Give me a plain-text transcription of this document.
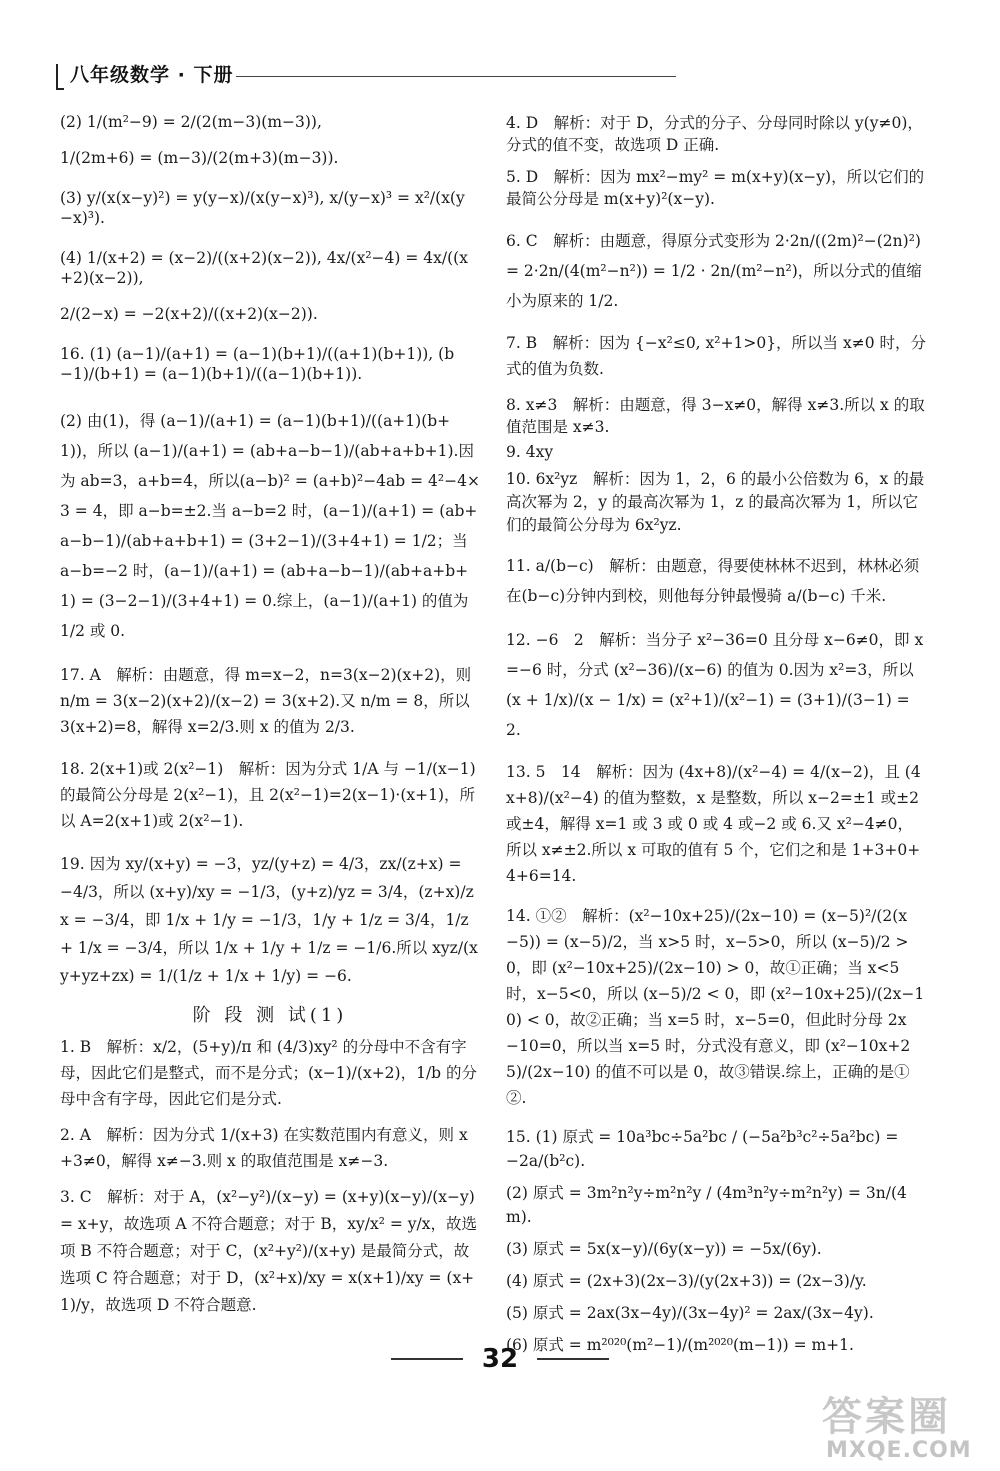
八年级数学 · 下册
(2) 1/(m²−9) = 2/(2(m−3)(m−3)),
1/(2m+6) = (m−3)/(2(m+3)(m−3)).
(3) y/(x(x−y)²) = y(y−x)/(x(y−x)³), x/(y−x)³ = x²/(x(y−x)³).
(4) 1/(x+2) = (x−2)/((x+2)(x−2)), 4x/(x²−4) = 4x/((x+2)(x−2)),
2/(2−x) = −2(x+2)/((x+2)(x−2)).
16. (1) (a−1)/(a+1) = (a−1)(b+1)/((a+1)(b+1)), (b−1)/(b+1) = (a−1)(b+1)/((a−1)(b+1)).
(2) 由(1)，得 (a−1)/(a+1) = (a−1)(b+1)/((a+1)(b+1))，所以 (a−1)/(a+1) = (ab+a−b−1)/(ab+a+b+1).因为 ab=3，a+b=4，所以(a−b)² = (a+b)²−4ab = 4²−4×3 = 4，即 a−b=±2.当 a−b=2 时，(a−1)/(a+1) = (ab+a−b−1)/(ab+a+b+1) = (3+2−1)/(3+4+1) = 1/2；当 a−b=−2 时，(a−1)/(a+1) = (ab+a−b−1)/(ab+a+b+1) = (3−2−1)/(3+4+1) = 0.综上，(a−1)/(a+1) 的值为 1/2 或 0.
17. A　解析：由题意，得 m=x−2，n=3(x−2)(x+2)，则 n/m = 3(x−2)(x+2)/(x−2) = 3(x+2).又 n/m = 8，所以 3(x+2)=8，解得 x=2/3.则 x 的值为 2/3.
18. 2(x+1)或 2(x²−1)　解析：因为分式 1/A 与 −1/(x−1) 的最简公分母是 2(x²−1)，且 2(x²−1)=2(x−1)·(x+1)，所以 A=2(x+1)或 2(x²−1).
19. 因为 xy/(x+y) = −3，yz/(y+z) = 4/3，zx/(z+x) = −4/3，所以 (x+y)/xy = −1/3，(y+z)/yz = 3/4，(z+x)/zx = −3/4，即 1/x + 1/y = −1/3，1/y + 1/z = 3/4，1/z + 1/x = −3/4，所以 1/x + 1/y + 1/z = −1/6.所以 xyz/(xy+yz+zx) = 1/(1/z + 1/x + 1/y) = −6.
阶 段 测 试(1)
1. B　解析：x/2，(5+y)/π 和 (4/3)xy² 的分母中不含有字母，因此它们是整式，而不是分式；(x−1)/(x+2)，1/b 的分母中含有字母，因此它们是分式.
2. A　解析：因为分式 1/(x+3) 在实数范围内有意义，则 x+3≠0，解得 x≠−3.则 x 的取值范围是 x≠−3.
3. C　解析：对于 A，(x²−y²)/(x−y) = (x+y)(x−y)/(x−y) = x+y，故选项 A 不符合题意；对于 B，xy/x² = y/x，故选项 B 不符合题意；对于 C，(x²+y²)/(x+y) 是最简分式，故选项 C 符合题意；对于 D，(x²+x)/xy = x(x+1)/xy = (x+1)/y，故选项 D 不符合题意.
4. D　解析：对于 D，分式的分子、分母同时除以 y(y≠0)，分式的值不变，故选项 D 正确.
5. D　解析：因为 mx²−my² = m(x+y)(x−y)，所以它们的最简公分母是 m(x+y)²(x−y).
6. C　解析：由题意，得原分式变形为 2·2n/((2m)²−(2n)²) = 2·2n/(4(m²−n²)) = 1/2 · 2n/(m²−n²)，所以分式的值缩小为原来的 1/2.
7. B　解析：因为 {−x²≤0, x²+1>0}，所以当 x≠0 时，分式的值为负数.
8. x≠3　解析：由题意，得 3−x≠0，解得 x≠3.所以 x 的取值范围是 x≠3.
9. 4xy
10. 6x²yz　解析：因为 1，2，6 的最小公倍数为 6，x 的最高次幂为 2，y 的最高次幂为 1，z 的最高次幂为 1，所以它们的最简公分母为 6x²yz.
11. a/(b−c)　解析：由题意，得要使林林不迟到，林林必须在(b−c)分钟内到校，则他每分钟最慢骑 a/(b−c) 千米.
12. −6　2　解析：当分子 x²−36=0 且分母 x−6≠0，即 x=−6 时，分式 (x²−36)/(x−6) 的值为 0.因为 x²=3，所以 (x + 1/x)/(x − 1/x) = (x²+1)/(x²−1) = (3+1)/(3−1) = 2.
13. 5　14　解析：因为 (4x+8)/(x²−4) = 4/(x−2)，且 (4x+8)/(x²−4) 的值为整数，x 是整数，所以 x−2=±1 或±2 或±4，解得 x=1 或 3 或 0 或 4 或−2 或 6.又 x²−4≠0，所以 x≠±2.所以 x 可取的值有 5 个，它们之和是 1+3+0+4+6=14.
14. ①②　解析：(x²−10x+25)/(2x−10) = (x−5)²/(2(x−5)) = (x−5)/2，当 x>5 时，x−5>0，所以 (x−5)/2 > 0，即 (x²−10x+25)/(2x−10) > 0，故①正确；当 x<5 时，x−5<0，所以 (x−5)/2 < 0，即 (x²−10x+25)/(2x−10) < 0，故②正确；当 x=5 时，x−5=0，但此时分母 2x−10=0，所以当 x=5 时，分式没有意义，即 (x²−10x+25)/(2x−10) 的值不可以是 0，故③错误.综上，正确的是①②.
15. (1) 原式 = 10a³bc÷5a²bc / (−5a²b³c²÷5a²bc) = −2a/(b²c).
(2) 原式 = 3m²n²y÷m²n²y / (4m³n²y÷m²n²y) = 3n/(4m).
(3) 原式 = 5x(x−y)/(6y(x−y)) = −5x/(6y).
(4) 原式 = (2x+3)(2x−3)/(y(2x+3)) = (2x−3)/y.
(5) 原式 = 2ax(3x−4y)/(3x−4y)² = 2ax/(3x−4y).
(6) 原式 = m²⁰²⁰(m²−1)/(m²⁰²⁰(m−1)) = m+1.
32
答案圈
MXQE.COM
